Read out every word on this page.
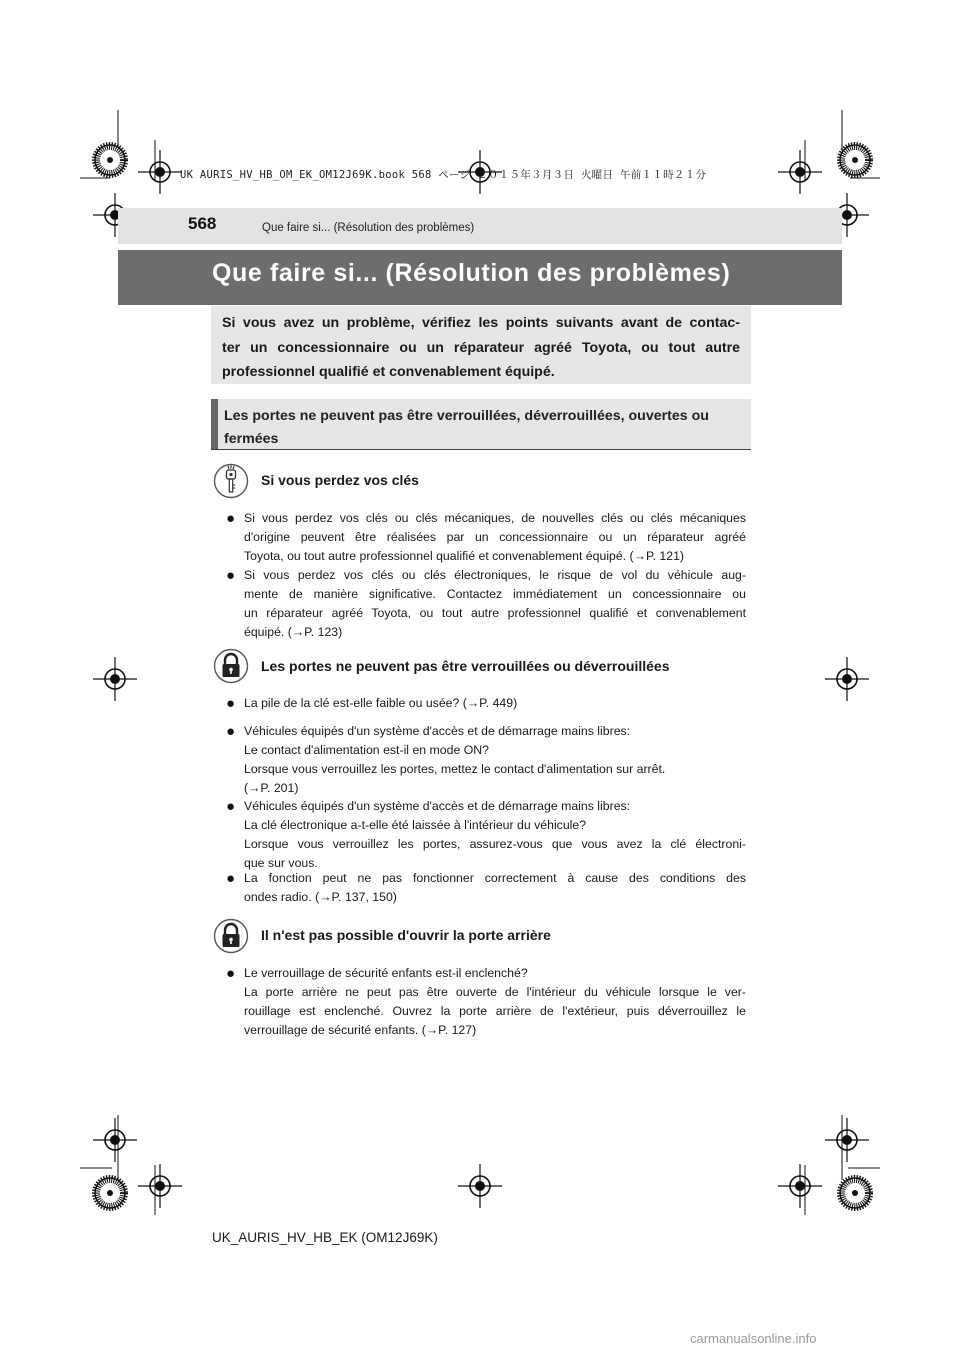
UK AURIS_HV_HB_OM_EK_OM12J69K.book 568 ページ ２０１５年３月３日 火曜日 午前１１時２１分
568	Que faire si... (Résolution des problèmes)
Que faire si... (Résolution des problèmes)
Si vous avez un problème, vérifiez les points suivants avant de contac-
ter un concessionnaire ou un réparateur agréé Toyota, ou tout autre
professionnel qualifié et convenablement équipé.
Les portes ne peuvent pas être verrouillées, déverrouillées, ouvertes ou
fermées
Si vous perdez vos clés
● Si vous perdez vos clés ou clés mécaniques, de nouvelles clés ou clés mécaniques
d'origine peuvent être réalisées par un concessionnaire ou un réparateur agréé
Toyota, ou tout autre professionnel qualifié et convenablement équipé. (→P. 121)
● Si vous perdez vos clés ou clés électroniques, le risque de vol du véhicule aug-
mente de manière significative. Contactez immédiatement un concessionnaire ou
un réparateur agréé Toyota, ou tout autre professionnel qualifié et convenablement
équipé. (→P. 123)
Les portes ne peuvent pas être verrouillées ou déverrouillées
● La pile de la clé est-elle faible ou usée? (→P. 449)
● Véhicules équipés d'un système d'accès et de démarrage mains libres:
Le contact d'alimentation est-il en mode ON?
Lorsque vous verrouillez les portes, mettez le contact d'alimentation sur arrêt.
(→P. 201)
● Véhicules équipés d'un système d'accès et de démarrage mains libres:
La clé électronique a-t-elle été laissée à l'intérieur du véhicule?
Lorsque vous verrouillez les portes, assurez-vous que vous avez la clé électroni-
que sur vous.
● La fonction peut ne pas fonctionner correctement à cause des conditions des
ondes radio. (→P. 137, 150)
Il n'est pas possible d'ouvrir la porte arrière
● Le verrouillage de sécurité enfants est-il enclenché?
La porte arrière ne peut pas être ouverte de l'intérieur du véhicule lorsque le ver-
rouillage est enclenché. Ouvrez la porte arrière de l'extérieur, puis déverrouillez le
verrouillage de sécurité enfants. (→P. 127)
UK_AURIS_HV_HB_EK (OM12J69K)
carmanualsonline.info
